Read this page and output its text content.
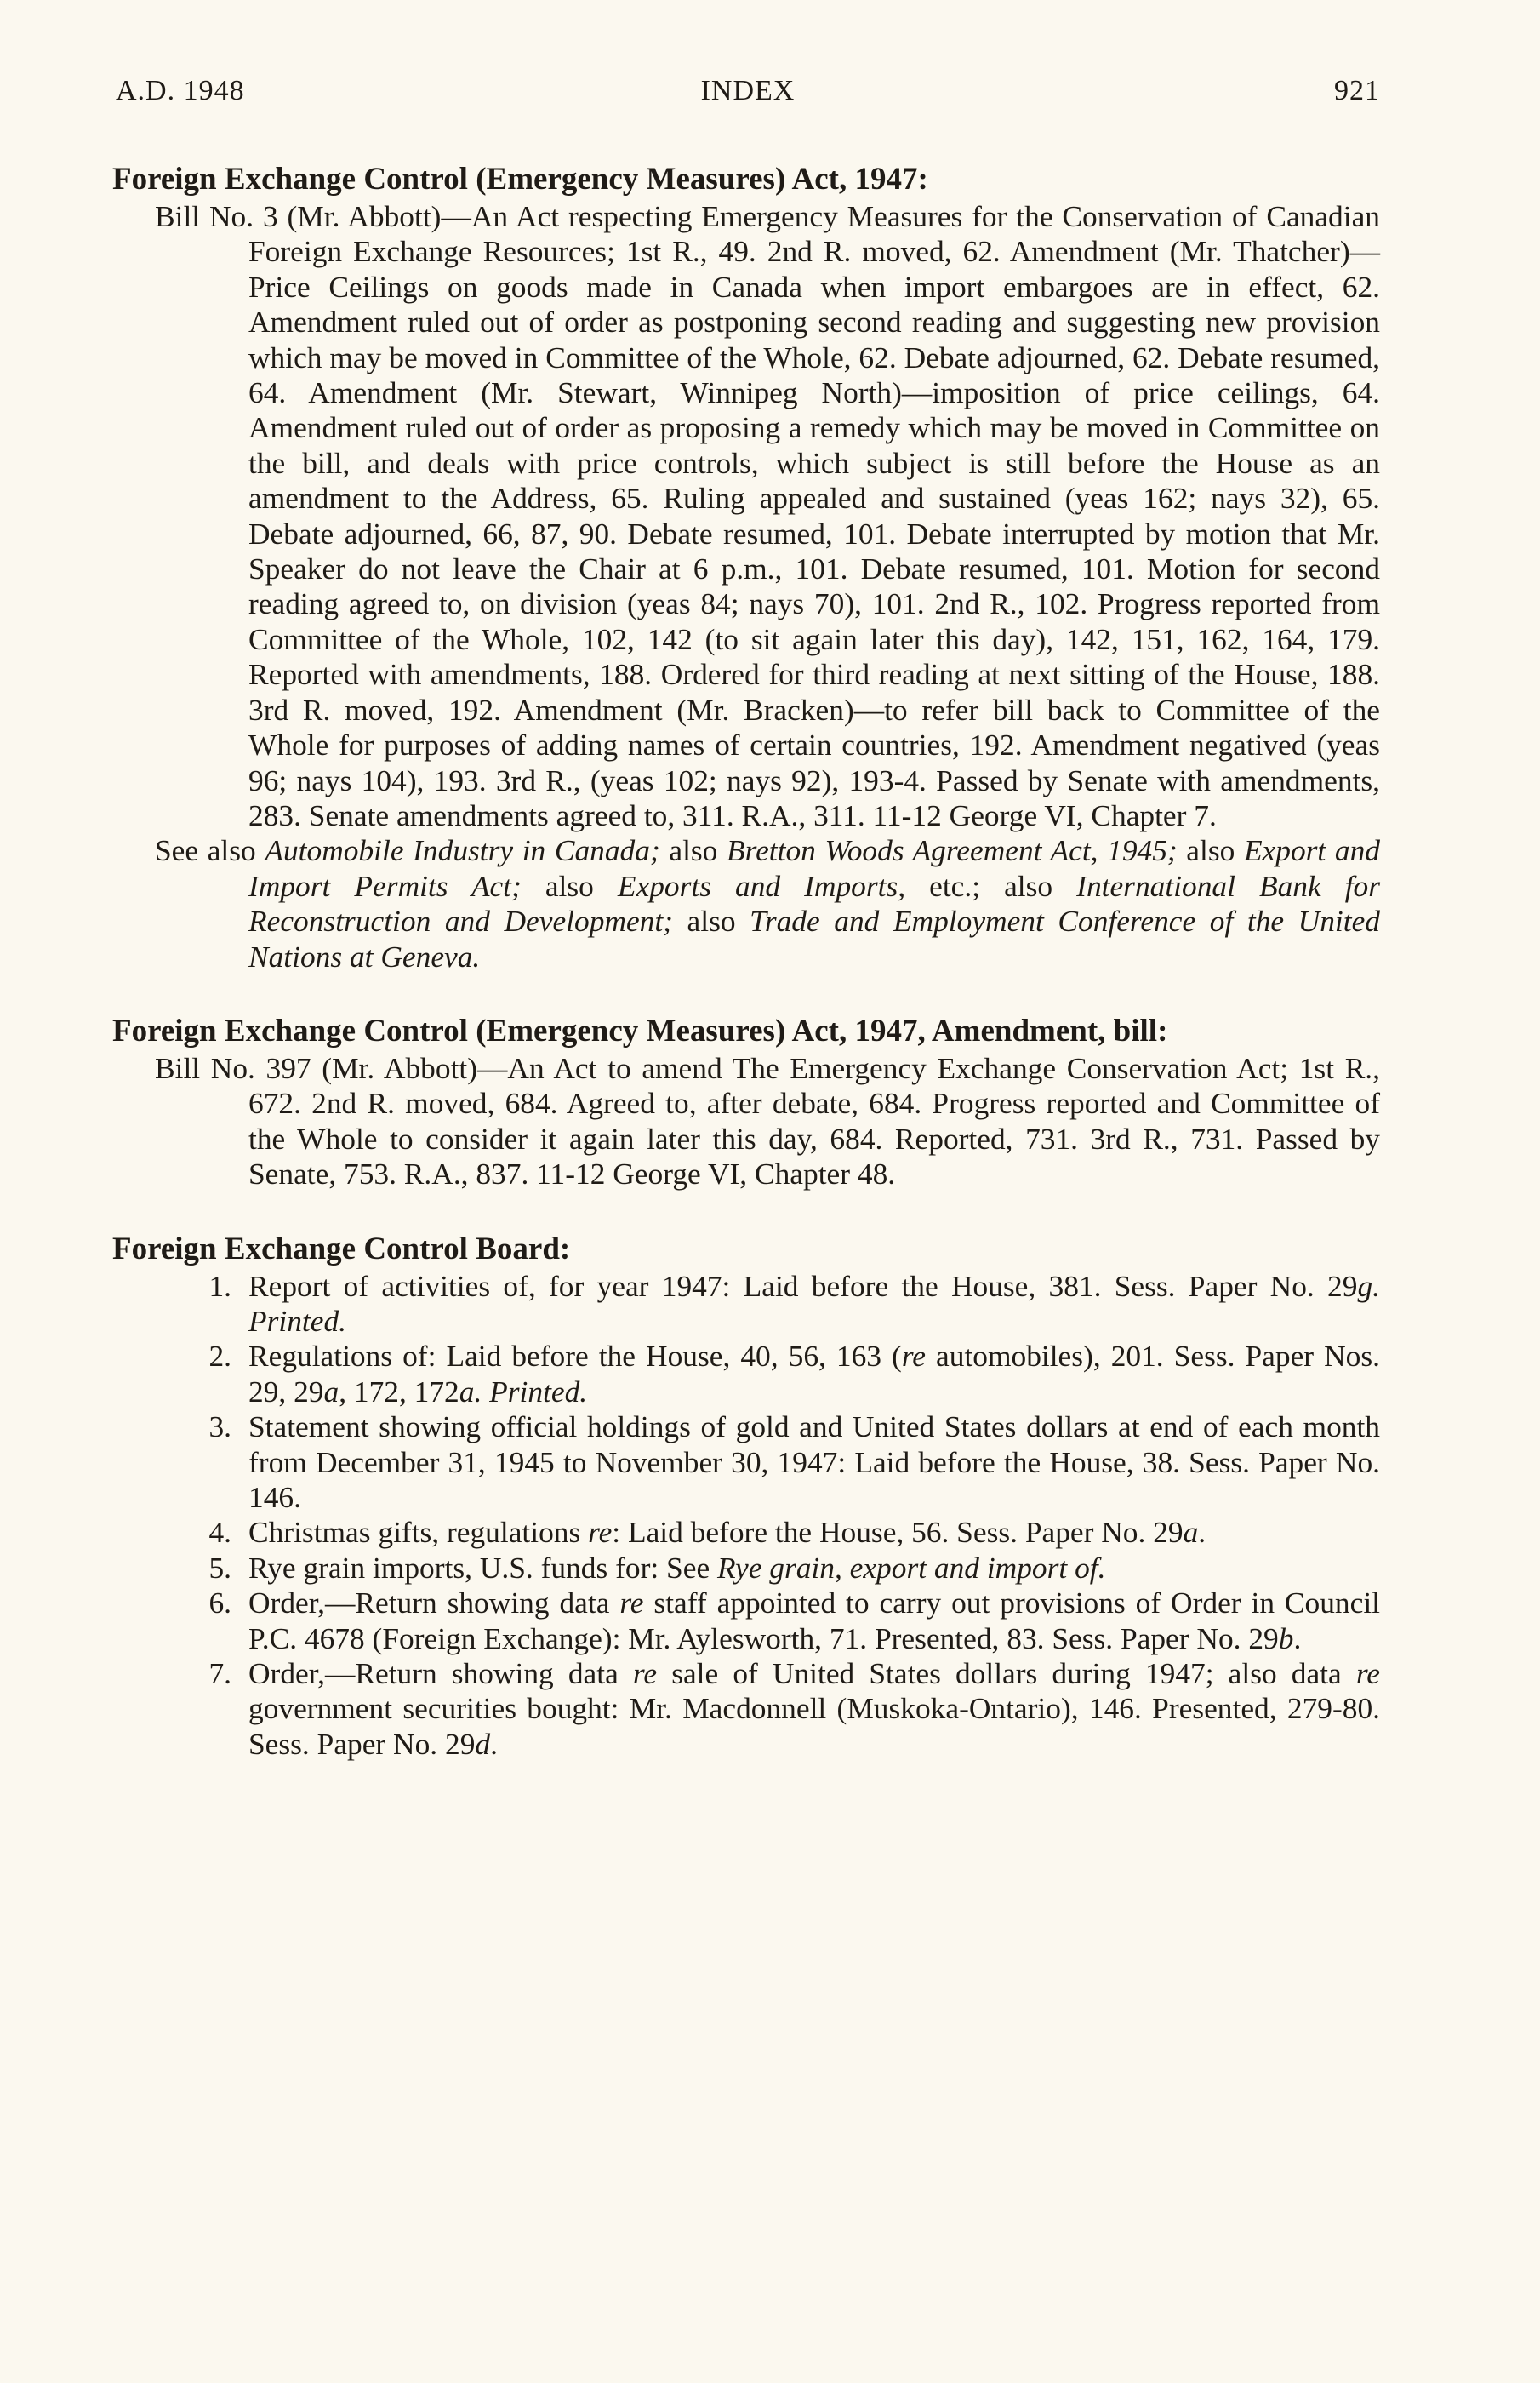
A.D. 1948	INDEX	921

Foreign Exchange Control (Emergency Measures) Act, 1947:

Bill No. 3 (Mr. Abbott)—An Act respecting Emergency Measures for the Conservation of Canadian Foreign Exchange Resources; 1st R., 49. 2nd R. moved, 62. Amendment (Mr. Thatcher)—Price Ceilings on goods made in Canada when import embargoes are in effect, 62. Amendment ruled out of order as postponing second reading and suggesting new provision which may be moved in Committee of the Whole, 62. Debate adjourned, 62. Debate resumed, 64. Amendment (Mr. Stewart, Winnipeg North)—imposition of price ceilings, 64. Amendment ruled out of order as proposing a remedy which may be moved in Committee on the bill, and deals with price controls, which subject is still before the House as an amendment to the Address, 65. Ruling appealed and sustained (yeas 162; nays 32), 65. Debate adjourned, 66, 87, 90. Debate resumed, 101. Debate interrupted by motion that Mr. Speaker do not leave the Chair at 6 p.m., 101. Debate resumed, 101. Motion for second reading agreed to, on division (yeas 84; nays 70), 101. 2nd R., 102. Progress reported from Committee of the Whole, 102, 142 (to sit again later this day), 142, 151, 162, 164, 179. Reported with amendments, 188. Ordered for third reading at next sitting of the House, 188. 3rd R. moved, 192. Amendment (Mr. Bracken)—to refer bill back to Committee of the Whole for purposes of adding names of certain countries, 192. Amendment negatived (yeas 96; nays 104), 193. 3rd R., (yeas 102; nays 92), 193-4. Passed by Senate with amendments, 283. Senate amendments agreed to, 311. R.A., 311. 11-12 George VI, Chapter 7.

See also Automobile Industry in Canada; also Bretton Woods Agreement Act, 1945; also Export and Import Permits Act; also Exports and Imports, etc.; also International Bank for Reconstruction and Development; also Trade and Employment Conference of the United Nations at Geneva.

Foreign Exchange Control (Emergency Measures) Act, 1947, Amendment, bill:

Bill No. 397 (Mr. Abbott)—An Act to amend The Emergency Exchange Conservation Act; 1st R., 672. 2nd R. moved, 684. Agreed to, after debate, 684. Progress reported and Committee of the Whole to consider it again later this day, 684. Reported, 731. 3rd R., 731. Passed by Senate, 753. R.A., 837. 11-12 George VI, Chapter 48.

Foreign Exchange Control Board:

1. Report of activities of, for year 1947: Laid before the House, 381. Sess. Paper No. 29g. Printed.
2. Regulations of: Laid before the House, 40, 56, 163 (re automobiles), 201. Sess. Paper Nos. 29, 29a, 172, 172a. Printed.
3. Statement showing official holdings of gold and United States dollars at end of each month from December 31, 1945 to November 30, 1947: Laid before the House, 38. Sess. Paper No. 146.
4. Christmas gifts, regulations re: Laid before the House, 56. Sess. Paper No. 29a.
5. Rye grain imports, U.S. funds for: See Rye grain, export and import of.
6. Order,—Return showing data re staff appointed to carry out provisions of Order in Council P.C. 4678 (Foreign Exchange): Mr. Aylesworth, 71. Presented, 83. Sess. Paper No. 29b.
7. Order,—Return showing data re sale of United States dollars during 1947; also data re government securities bought: Mr. Macdonnell (Muskoka-Ontario), 146. Presented, 279-80. Sess. Paper No. 29d.
